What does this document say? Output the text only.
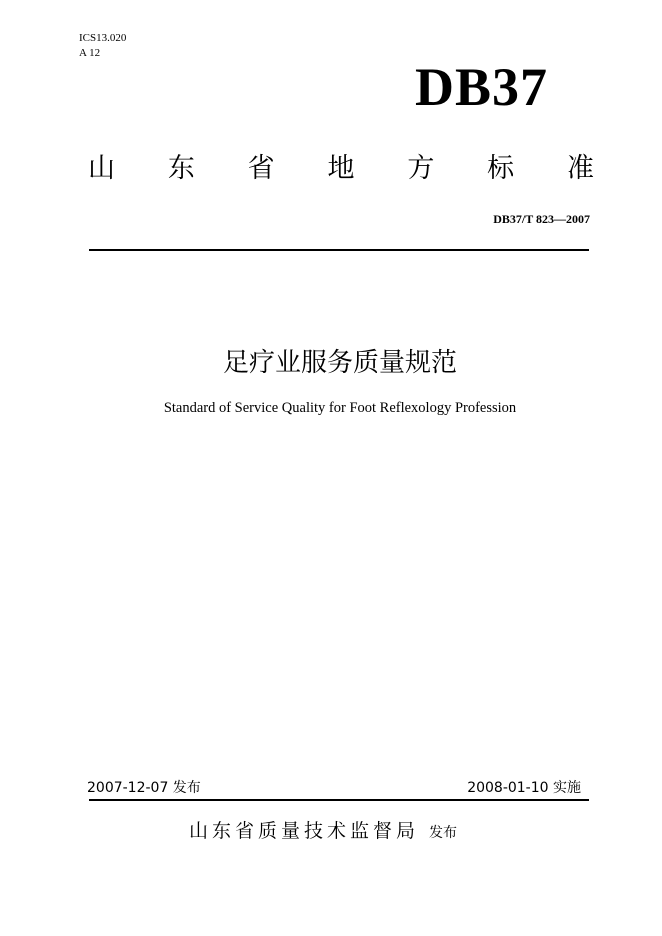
ICS13.020
A 12
DB37
山 东 省 地 方 标 准
DB37/T 823—2007
足疗业服务质量规范
Standard of Service Quality for Foot Reflexology Profession
2007-12-07 发布	2008-01-10 实施
山东省质量技术监督局 发布
